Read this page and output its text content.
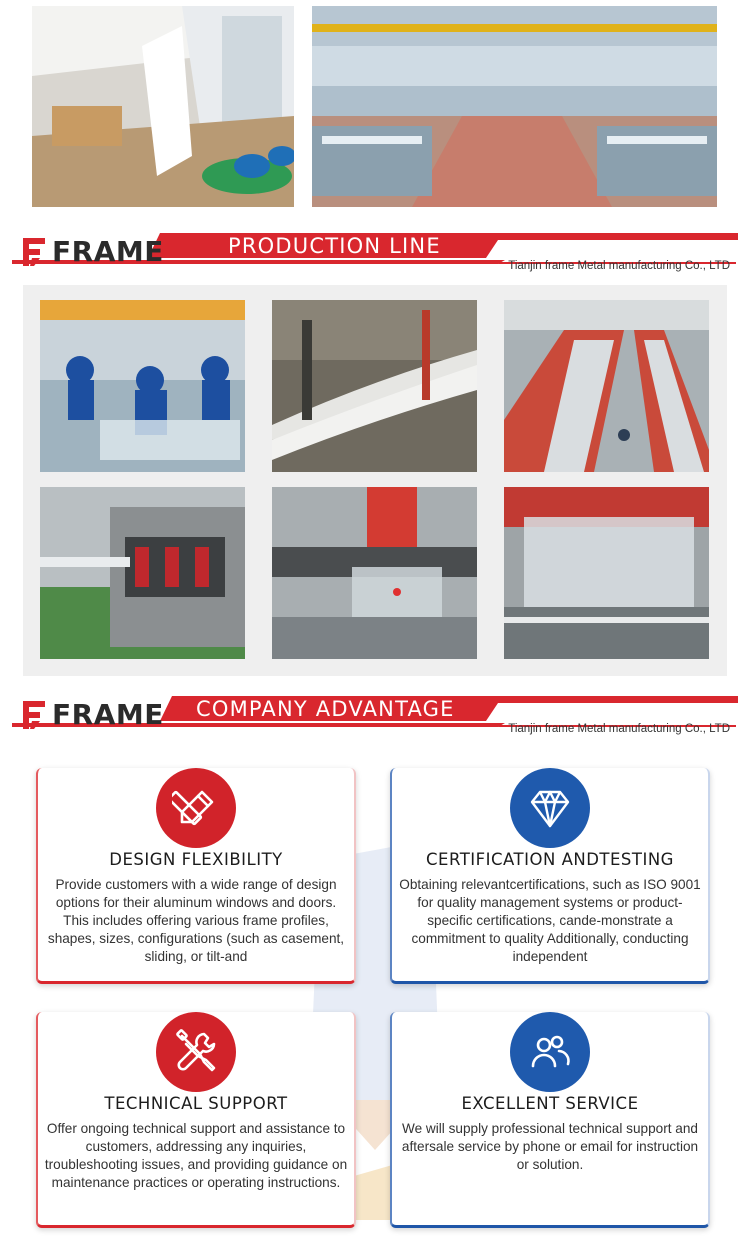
FRAME	PRODUCTION LINE
Tianjin frame Metal manufacturing Co., LTD
FRAME COMPANY ADVANTAGE
Tianjin frame Metal manufacturing Co., LTD
DESIGN FLEXIBILITY
Provide customers with a wide range of design options for their aluminum windows and doors. This includes offering various frame profiles, shapes, sizes, configurations (such as casement, sliding, or tilt-and
CERTIFICATION ANDTESTING
Obtaining relevantcertifications, such as ISO 9001 for quality management systems or product-specific certifications, cande-monstrate a commitment to quality Additionally, conducting independent
TECHNICAL SUPPORT
Offer ongoing technical support and assistance to customers, addressing any inquiries, troubleshooting issues, and providing guidance on maintenance practices or operating instructions.
EXCELLENT SERVICE
We will supply professional technical support and aftersale service by phone or email for instruction or solution.
